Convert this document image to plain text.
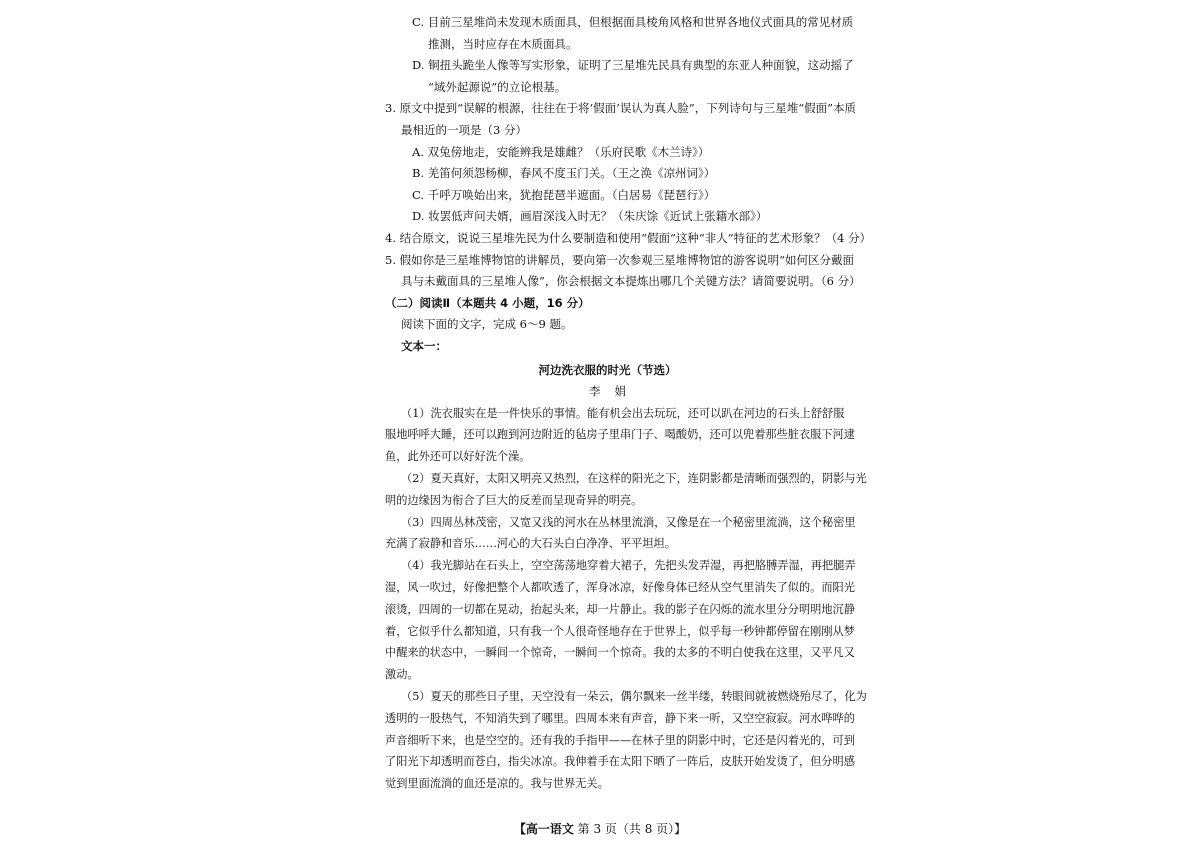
C. 目前三星堆尚未发现木质面具，但根据面具棱角风格和世界各地仪式面具的常见材质
推测，当时应存在木质面具。
D. 铜扭头跪坐人像等写实形象，证明了三星堆先民具有典型的东亚人种面貌，这动摇了
“域外起源说”的立论根基。
3. 原文中提到“误解的根源，往往在于将‘假面’误认为真人脸”，下列诗句与三星堆“假面”本质
最相近的一项是（3 分）
A. 双兔傍地走，安能辨我是雄雌？（乐府民歌《木兰诗》）
B. 羌笛何须怨杨柳，春风不度玉门关。（王之涣《凉州词》）
C. 千呼万唤始出来，犹抱琵琶半遮面。（白居易《琵琶行》）
D. 妆罢低声问夫婿，画眉深浅入时无？（朱庆馀《近试上张籍水部》）
4. 结合原文，说说三星堆先民为什么要制造和使用“假面”这种“非人”特征的艺术形象？（4 分）
5. 假如你是三星堆博物馆的讲解员，要向第一次参观三星堆博物馆的游客说明“如何区分戴面
具与未戴面具的三星堆人像”，你会根据文本提炼出哪几个关键方法？请简要说明。（6 分）
（二）阅读Ⅱ（本题共 4 小题，16 分）
阅读下面的文字，完成 6～9 题。
文本一：
河边洗衣服的时光（节选）
李娟
（1）洗衣服实在是一件快乐的事情。能有机会出去玩玩，还可以趴在河边的石头上舒舒服
服地呼呼大睡，还可以跑到河边附近的毡房子里串门子、喝酸奶，还可以兜着那些脏衣服下河逮
鱼，此外还可以好好洗个澡。
（2）夏天真好，太阳又明亮又热烈，在这样的阳光之下，连阴影都是清晰而强烈的，阴影与光
明的边缘因为衔合了巨大的反差而呈现奇异的明亮。
（3）四周丛林茂密，又宽又浅的河水在丛林里流淌，又像是在一个秘密里流淌，这个秘密里
充满了寂静和音乐……河心的大石头白白净净、平平坦坦。
（4）我光脚站在石头上，空空荡荡地穿着大裙子，先把头发弄湿，再把胳膊弄湿，再把腿弄
湿，风一吹过，好像把整个人都吹透了，浑身冰凉，好像身体已经从空气里消失了似的。而阳光
滚烫，四周的一切都在晃动，抬起头来，却一片静止。我的影子在闪烁的流水里分分明明地沉静
着，它似乎什么都知道，只有我一个人很奇怪地存在于世界上，似乎每一秒钟都停留在刚刚从梦
中醒来的状态中，一瞬间一个惊奇，一瞬间一个惊奇。我的太多的不明白使我在这里，又平凡又
激动。
（5）夏天的那些日子里，天空没有一朵云，偶尔飘来一丝半缕，转眼间就被燃烧殆尽了，化为
透明的一股热气，不知消失到了哪里。四周本来有声音，静下来一听，又空空寂寂。河水哗哗的
声音细听下来，也是空空的。还有我的手指甲——在林子里的阴影中时，它还是闪着光的，可到
了阳光下却透明而苍白，指尖冰凉。我伸着手在太阳下晒了一阵后，皮肤开始发烫了，但分明感
觉到里面流淌的血还是凉的。我与世界无关。
【高一语文 第 3 页（共 8 页）】
